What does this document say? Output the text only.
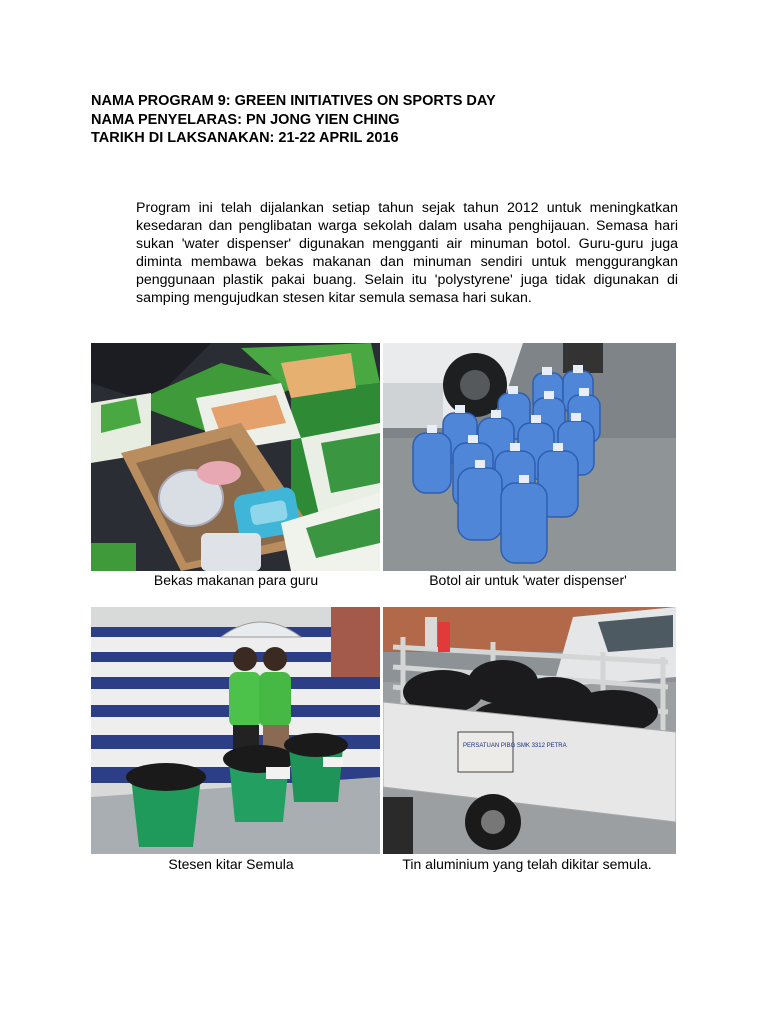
NAMA PROGRAM 9: GREEN INITIATIVES ON SPORTS DAY
NAMA PENYELARAS: PN JONG YIEN CHING
TARIKH DI LAKSANAKAN: 21-22 APRIL 2016
Program ini telah dijalankan setiap tahun sejak tahun 2012 untuk meningkatkan kesedaran dan penglibatan warga sekolah dalam usaha penghijauan. Semasa hari sukan 'water dispenser' digunakan mengganti air minuman botol. Guru-guru juga diminta membawa bekas makanan dan minuman sendiri untuk menggurangkan penggunaan plastik pakai buang. Selain itu 'polystyrene' juga tidak digunakan di samping mengujudkan stesen kitar semula semasa hari sukan.
Bekas makanan para guru	Botol air untuk 'water dispenser'
PERSATUAN PIBG SMK 3312 PETRA
Stesen kitar Semula	Tin aluminium yang telah dikitar semula.
